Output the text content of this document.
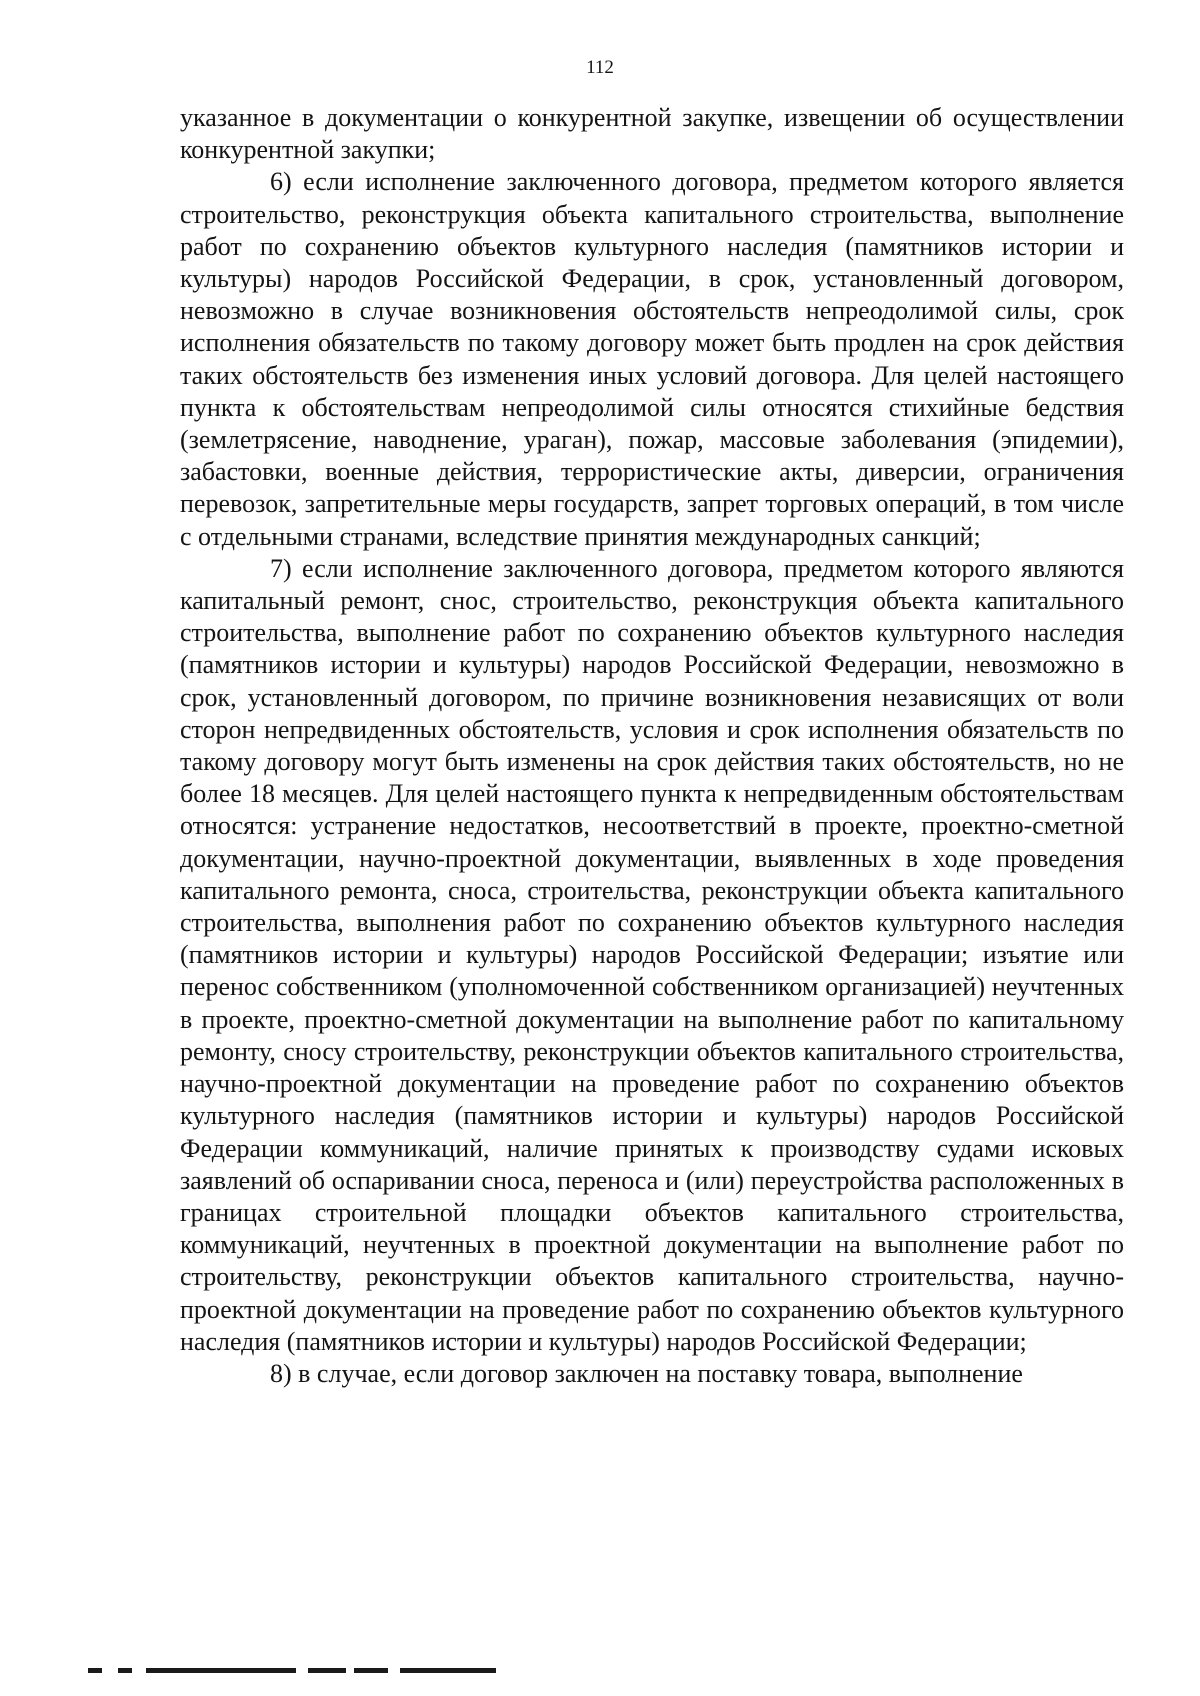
112

указанное в документации о конкурентной закупке, извещении об осуществлении конкурентной закупки;

6) если исполнение заключенного договора, предметом которого является строительство, реконструкция объекта капитального строительства, выполнение работ по сохранению объектов культурного наследия (памятников истории и культуры) народов Российской Федерации, в срок, установленный договором, невозможно в случае возникновения обстоятельств непреодолимой силы, срок исполнения обязательств по такому договору может быть продлен на срок действия таких обстоятельств без изменения иных условий договора. Для целей настоящего пункта к обстоятельствам непреодолимой силы относятся стихийные бедствия (землетрясение, наводнение, ураган), пожар, массовые заболевания (эпидемии), забастовки, военные действия, террористические акты, диверсии, ограничения перевозок, запретительные меры государств, запрет торговых операций, в том числе с отдельными странами, вследствие принятия международных санкций;

7) если исполнение заключенного договора, предметом которого являются капитальный ремонт, снос, строительство, реконструкция объекта капитального строительства, выполнение работ по сохранению объектов культурного наследия (памятников истории и культуры) народов Российской Федерации, невозможно в срок, установленный договором, по причине возникновения независящих от воли сторон непредвиденных обстоятельств, условия и срок исполнения обязательств по такому договору могут быть изменены на срок действия таких обстоятельств, но не более 18 месяцев. Для целей настоящего пункта к непредвиденным обстоятельствам относятся: устранение недостатков, несоответствий в проекте, проектно-сметной документации, научно-проектной документации, выявленных в ходе проведения капитального ремонта, сноса, строительства, реконструкции объекта капитального строительства, выполнения работ по сохранению объектов культурного наследия (памятников истории и культуры) народов Российской Федерации; изъятие или перенос собственником (уполномоченной собственником организацией) неучтенных в проекте, проектно-сметной документации на выполнение работ по капитальному ремонту, сносу строительству, реконструкции объектов капитального строительства, научно-проектной документации на проведение работ по сохранению объектов культурного наследия (памятников истории и культуры) народов Российской Федерации коммуникаций, наличие принятых к производству судами исковых заявлений об оспаривании сноса, переноса и (или) переустройства расположенных в границах строительной площадки объектов капитального строительства, коммуникаций, неучтенных в проектной документации на выполнение работ по строительству, реконструкции объектов капитального строительства, научно-проектной документации на проведение работ по сохранению объектов культурного наследия (памятников истории и культуры) народов Российской Федерации;

8) в случае, если договор заключен на поставку товара, выполнение
